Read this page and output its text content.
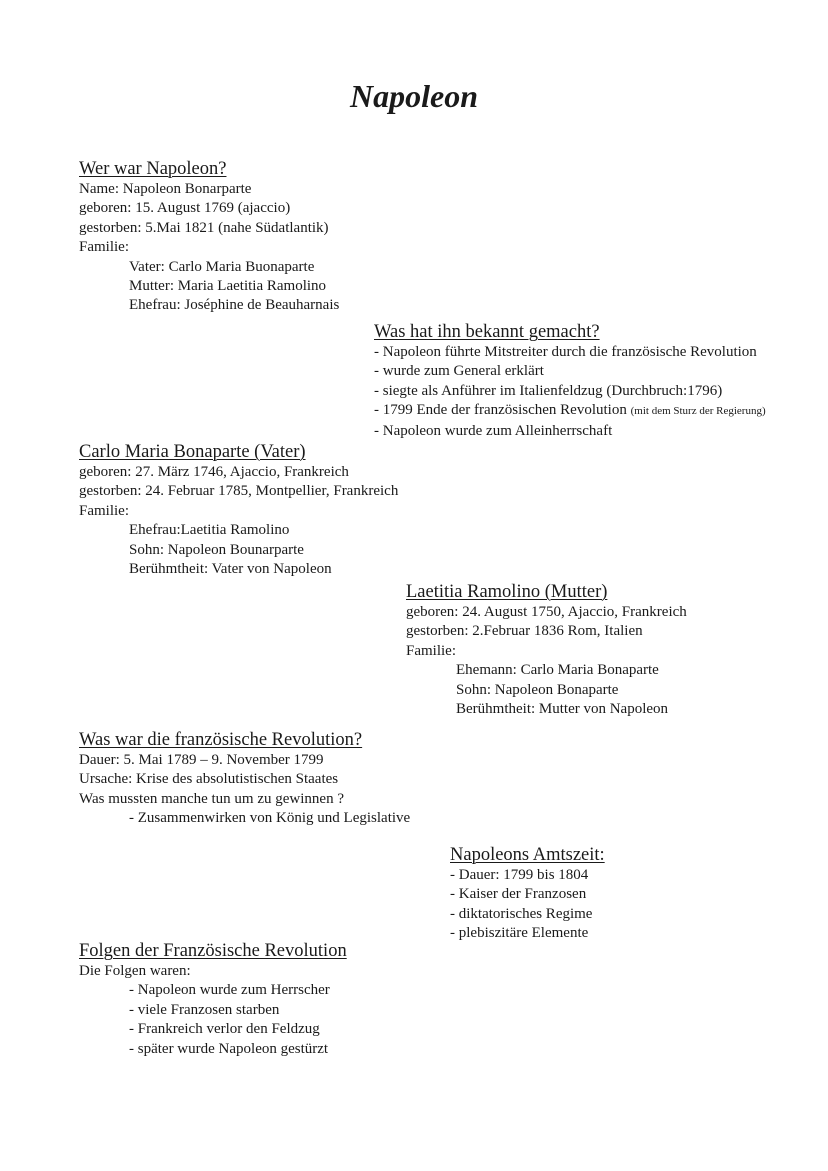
Napoleon
Wer war Napoleon?
Name: Napoleon Bonarparte
geboren: 15. August 1769 (ajaccio)
gestorben: 5.Mai 1821 (nahe Südatlantik)
Familie:
Vater: Carlo Maria Buonaparte
Mutter: Maria Laetitia Ramolino
Ehefrau: Joséphine de Beauharnais
Was hat ihn bekannt gemacht?
- Napoleon führte Mitstreiter durch die französische Revolution
- wurde zum General erklärt
- siegte als Anführer im Italienfeldzug (Durchbruch:1796)
- 1799 Ende der französischen Revolution (mit dem Sturz der Regierung)
- Napoleon wurde zum Alleinherrschaft
Carlo Maria Bonaparte (Vater)
geboren: 27. März 1746, Ajaccio, Frankreich
gestorben: 24. Februar 1785, Montpellier, Frankreich
Familie:
Ehefrau:Laetitia Ramolino
Sohn: Napoleon Bounarparte
Berühmtheit: Vater von Napoleon
Laetitia Ramolino (Mutter)
geboren: 24. August 1750, Ajaccio, Frankreich
gestorben: 2.Februar 1836 Rom, Italien
Familie:
Ehemann: Carlo Maria Bonaparte
Sohn: Napoleon Bonaparte
Berühmtheit: Mutter von Napoleon
Was war die französische Revolution?
Dauer: 5. Mai 1789 – 9. November 1799
Ursache: Krise des absolutistischen Staates
Was mussten manche tun um zu gewinnen ?
- Zusammenwirken von König und Legislative
Napoleons Amtszeit:
- Dauer: 1799 bis 1804
- Kaiser der Franzosen
- diktatorisches Regime
- plebiszitäre Elemente
Folgen der Französische Revolution
Die Folgen waren:
- Napoleon wurde zum Herrscher
- viele Franzosen starben
- Frankreich verlor den Feldzug
- später wurde Napoleon gestürzt
